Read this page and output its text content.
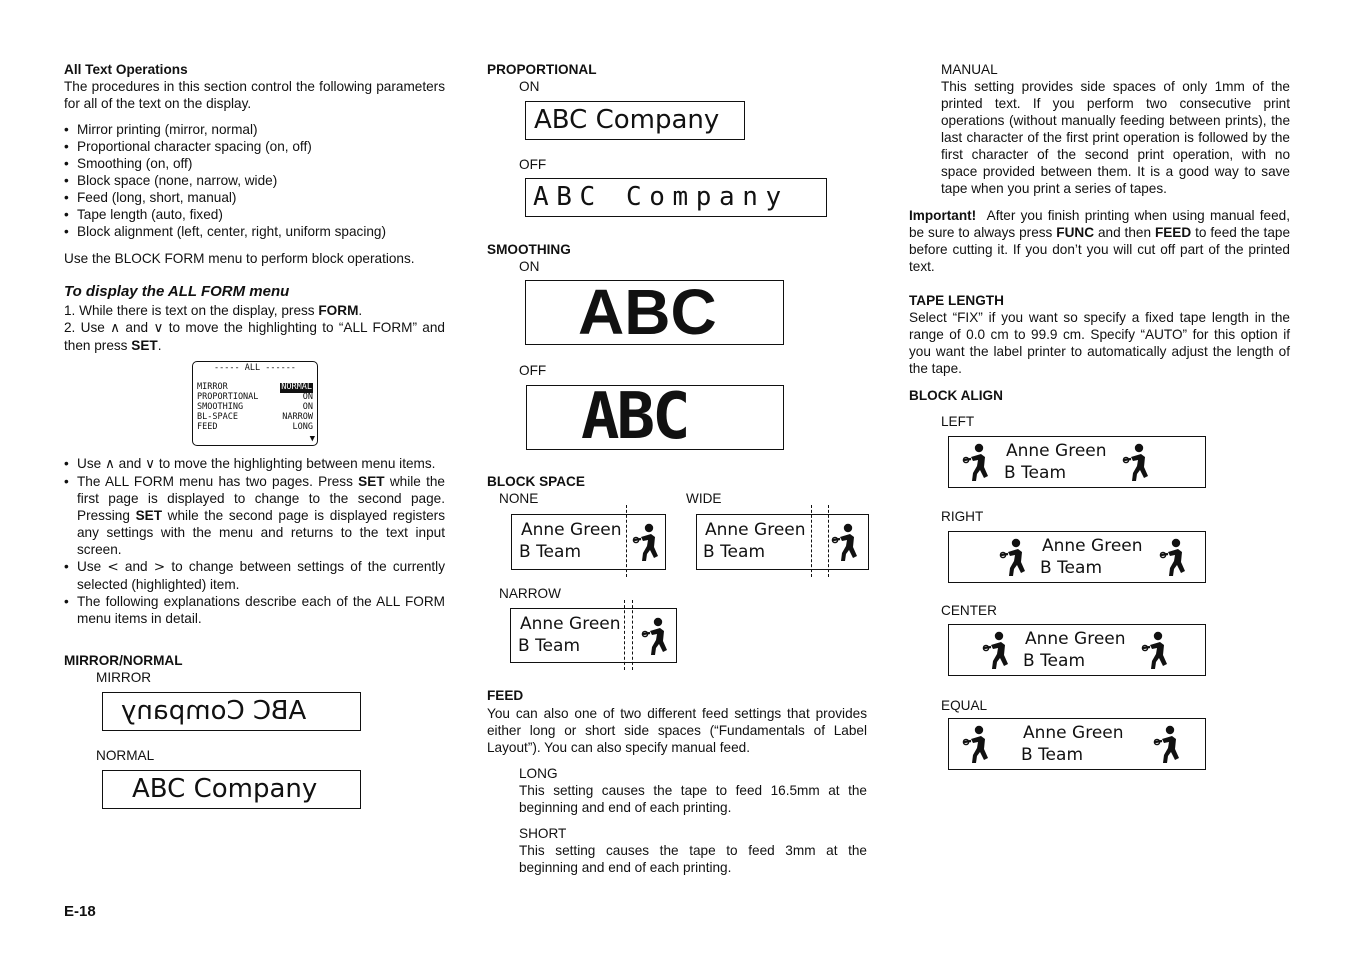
All Text Operations
The procedures in this section control the following parameters for all of the text on the display.
• Mirror printing (mirror, normal)
• Proportional character spacing (on, off)
• Smoothing (on, off)
• Block space (none, narrow, wide)
• Feed (long, short, manual)
• Tape length (auto, fixed)
• Block alignment (left, center, right, uniform spacing)
Use the BLOCK FORM menu to perform block operations.
To display the ALL FORM menu
1. While there is text on the display, press FORM.
2. Use ∧ and ∨ to move the highlighting to “ALL FORM” and then press SET.
----- ALL ------
MIRROR	NORMAL
PROPORTIONAL	ON
SMOOTHING	ON
BL-SPACE	NARROW
FEED	LONG
▼
• Use ∧ and ∨ to move the highlighting between menu items.
• The ALL FORM menu has two pages. Press SET while the first page is displayed to change to the second page. Pressing SET while the second page is displayed registers any settings with the menu and returns to the text input screen.
• Use < and > to change between settings of the currently selected (highlighted) item.
• The following explanations describe each of the ALL FORM menu items in detail.
MIRROR/NORMAL
MIRROR
ABC Company
NORMAL
ABC Company
E-18
PROPORTIONAL
ON
ABC Company
OFF
ABC Company
SMOOTHING
ON
ABC
OFF
ABC
BLOCK SPACE
NONE	WIDE
Anne Green
B Team
Anne Green
B Team
NARROW
Anne Green
B Team
FEED
You can also one of two different feed settings that provides either long or short side spaces (“Fundamentals of Label Layout”). You can also specify manual feed.
LONG
This setting causes the tape to feed 16.5mm at the beginning and end of each printing.
SHORT
This setting causes the tape to feed 3mm at the beginning and end of each printing.
MANUAL
This setting provides side spaces of only 1mm of the printed text. If you perform two consecutive print operations (without manually feeding between prints), the last character of the first print operation is followed by the first character of the second print operation, with no space provided between them. It is a good way to save tape when you print a series of tapes.
Important! After you finish printing when using manual feed, be sure to always press FUNC and then FEED to feed the tape before cutting it. If you don’t you will cut off part of the printed text.
TAPE LENGTH
Select “FIX” if you want so specify a fixed tape length in the range of 0.0 cm to 99.9 cm. Specify “AUTO” for this option if you want the label printer to automatically adjust the length of the tape.
BLOCK ALIGN
LEFT
Anne Green
B Team
RIGHT
Anne Green
B Team
CENTER
Anne Green
B Team
EQUAL
Anne Green
B Team
